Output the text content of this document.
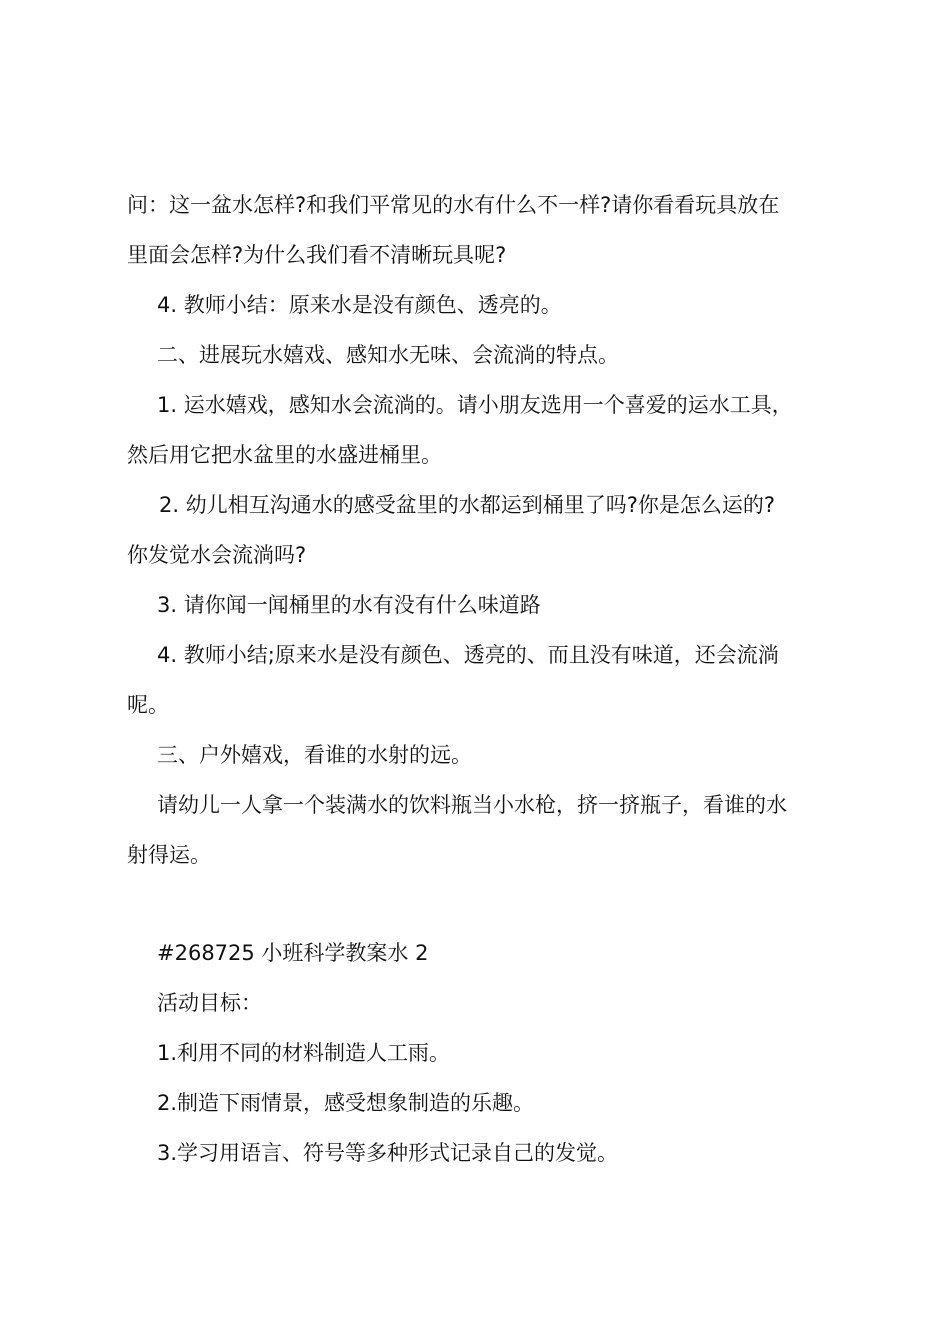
问：这一盆水怎样?和我们平常见的水有什么不一样?请你看看玩具放在
里面会怎样?为什么我们看不清晰玩具呢?
4. 教师小结：原来水是没有颜色、透亮的。
二、进展玩水嬉戏、感知水无味、会流淌的特点。
1. 运水嬉戏，感知水会流淌的。请小朋友选用一个喜爱的运水工具，
然后用它把水盆里的水盛进桶里。
2. 幼儿相互沟通水的感受盆里的水都运到桶里了吗?你是怎么运的?
你发觉水会流淌吗?
3. 请你闻一闻桶里的水有没有什么味道路
4. 教师小结;原来水是没有颜色、透亮的、而且没有味道，还会流淌
呢。
三、户外嬉戏，看谁的水射的远。
请幼儿一人拿一个装满水的饮料瓶当小水枪，挤一挤瓶子，看谁的水
射得运。
#268725 小班科学教案水 2
活动目标：
1.利用不同的材料制造人工雨。
2.制造下雨情景，感受想象制造的乐趣。
3.学习用语言、符号等多种形式记录自己的发觉。
